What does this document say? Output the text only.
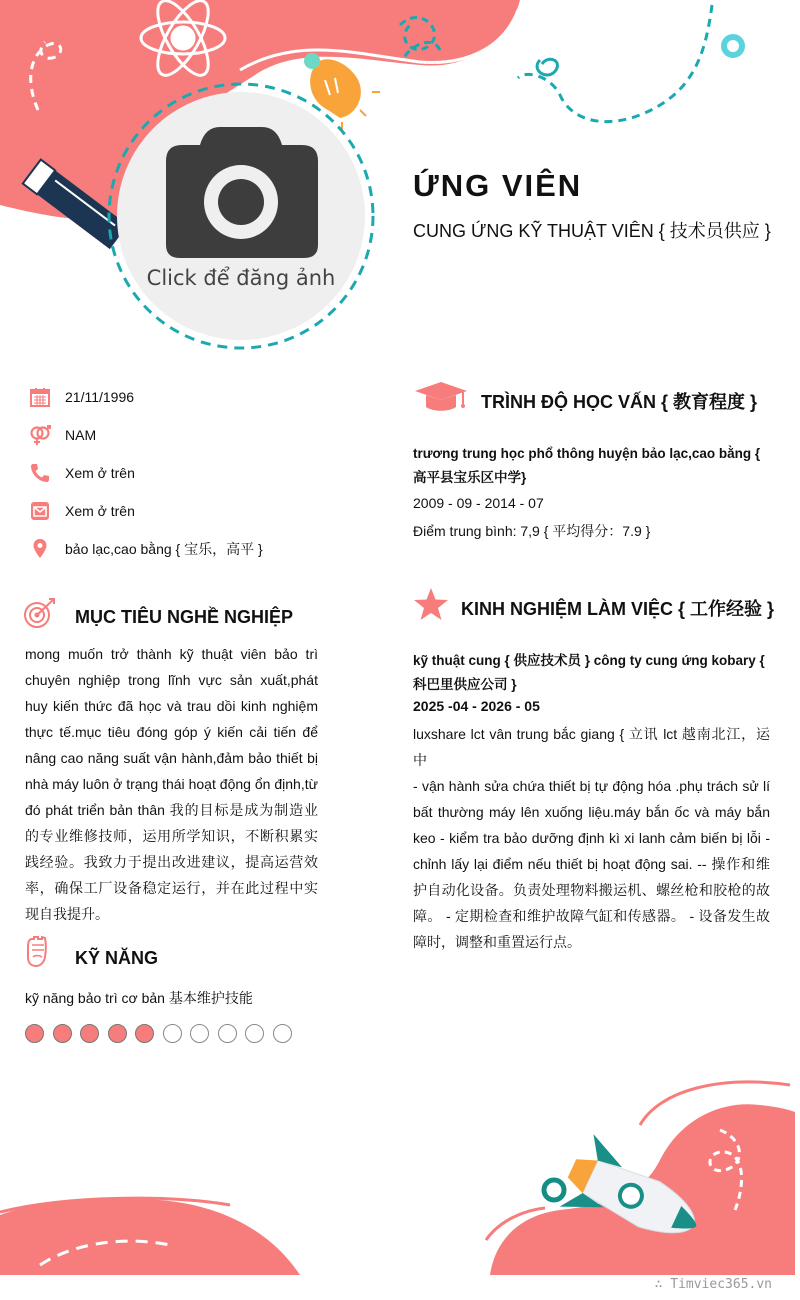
Click để đăng ảnh
ỨNG VIÊN
CUNG ỨNG KỸ THUẬT VIÊN { 技术员供应 }
21/11/1996
NAM
Xem ở trên
Xem ở trên
bảo lạc,cao bằng { 宝乐，高平 }
MỤC TIÊU NGHỀ NGHIỆP
mong muốn trở thành kỹ thuật viên bảo trì chuyên nghiệp trong lĩnh vực sản xuất,phát huy kiến thức đã học và trau dồi kinh nghiệm thực tế.mục tiêu đóng góp ý kiến cải tiến để nâng cao năng suất vận hành,đảm bảo thiết bị nhà máy luôn ở trạng thái hoạt động ổn định,từ đó phát triển bản thân 我的目标是成为制造业的专业维修技师，运用所学知识，不断积累实践经验。我致力于提出改进建议，提高运营效率，确保工厂设备稳定运行，并在此过程中实现自我提升。
KỸ NĂNG
kỹ năng bảo trì cơ bản 基本维护技能
TRÌNH ĐỘ HỌC VẤN { 教育程度 }
trương trung học phổ thông huyện bảo lạc,cao bằng { 高平县宝乐区中学}
2009 - 09 - 2014 - 07
Điểm trung bình: 7,9 { 平均得分：7.9 }
KINH NGHIỆM LÀM VIỆC { 工作经验 }
kỹ thuật cung { 供应技术员 } công ty cung ứng kobary { 科巴里供应公司 }
2025 -04 - 2026 - 05
luxshare lct vân trung bắc giang { 立讯 lct 越南北江，运中
- vận hành sửa chứa thiết bị tự động hóa .phụ trách sử lí bất thường máy lên xuống liệu.máy bắn ốc và máy bắn keo - kiểm tra bảo dưỡng định kì xi lanh cảm biến bị lỗi - chỉnh lấy lại điểm nếu thiết bị hoạt động sai. -- 操作和维护自动化设备。负责处理物料搬运机、螺丝枪和胶枪的故障。 - 定期检查和维护故障气缸和传感器。 - 设备发生故障时，调整和重置运行点。
∴ Timviec365.vn
